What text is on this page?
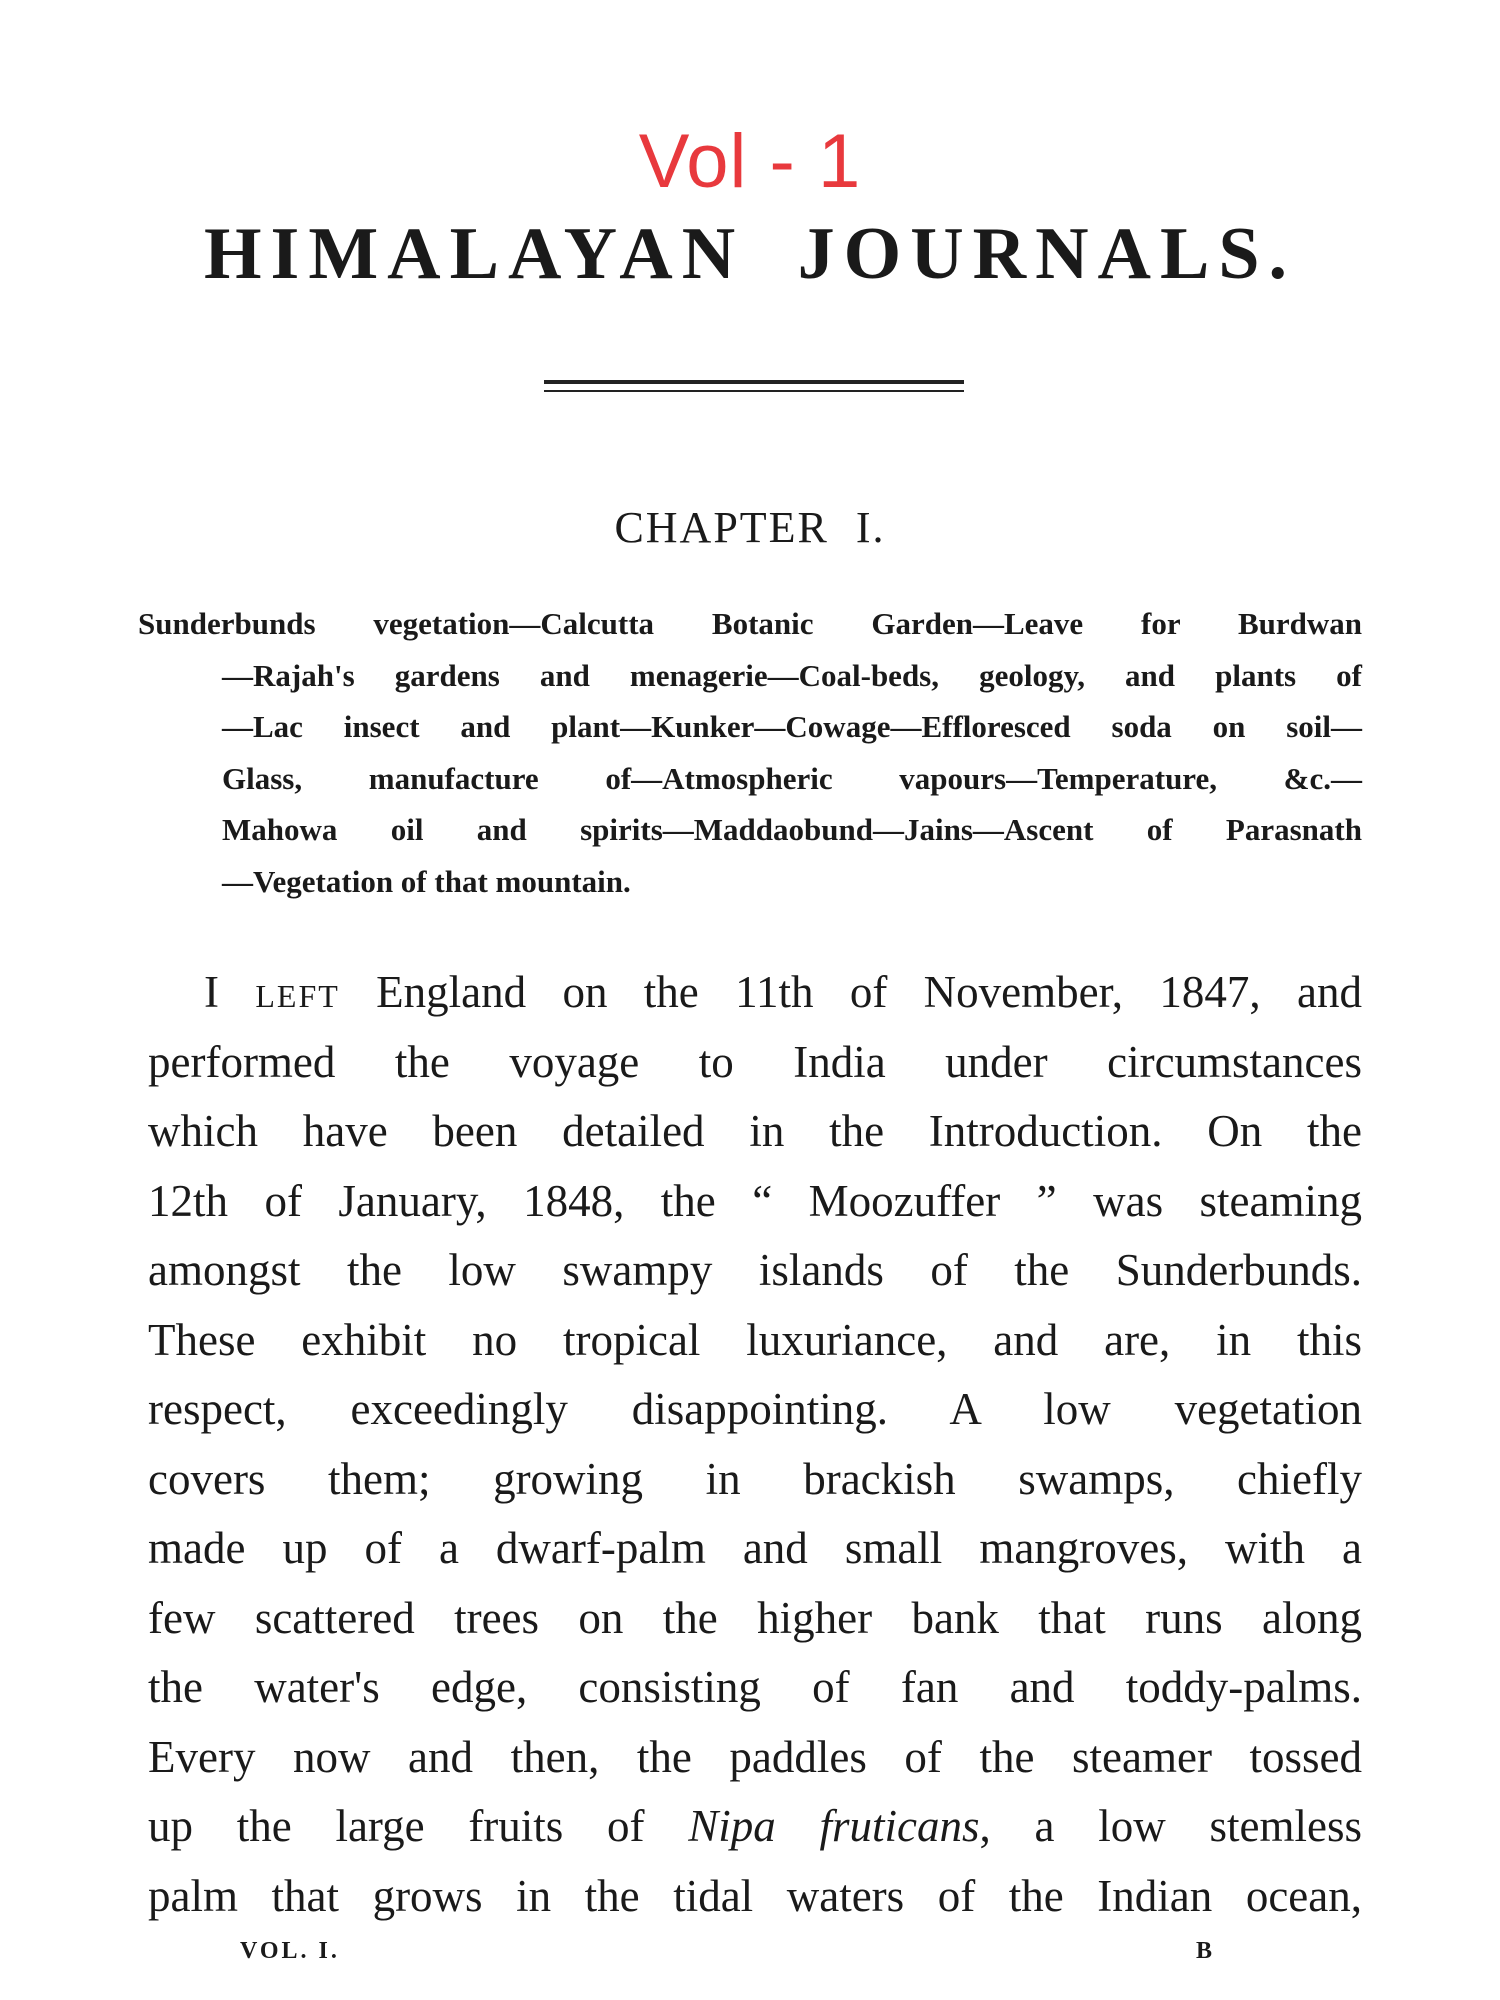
Vol - 1
HIMALAYAN JOURNALS.
CHAPTER I.
Sunderbunds vegetation—Calcutta Botanic Garden—Leave for Burdwan
—Rajah's gardens and menagerie—Coal-beds, geology, and plants of
—Lac insect and plant—Kunker—Cowage—Effloresced soda on soil—
Glass, manufacture of—Atmospheric vapours—Temperature, &c.—
Mahowa oil and spirits—Maddaobund—Jains—Ascent of Parasnath
—Vegetation of that mountain.
I left England on the 11th of November, 1847, and
performed the voyage to India under circumstances
which have been detailed in the Introduction. On the
12th of January, 1848, the “ Moozuffer ” was steaming
amongst the low swampy islands of the Sunderbunds.
These exhibit no tropical luxuriance, and are, in this
respect, exceedingly disappointing. A low vegetation
covers them; growing in brackish swamps, chiefly
made up of a dwarf-palm and small mangroves, with a
few scattered trees on the higher bank that runs along
the water's edge, consisting of fan and toddy-palms.
Every now and then, the paddles of the steamer tossed
up the large fruits of Nipa fruticans, a low stemless
palm that grows in the tidal waters of the Indian ocean,
VOL. I.	B
